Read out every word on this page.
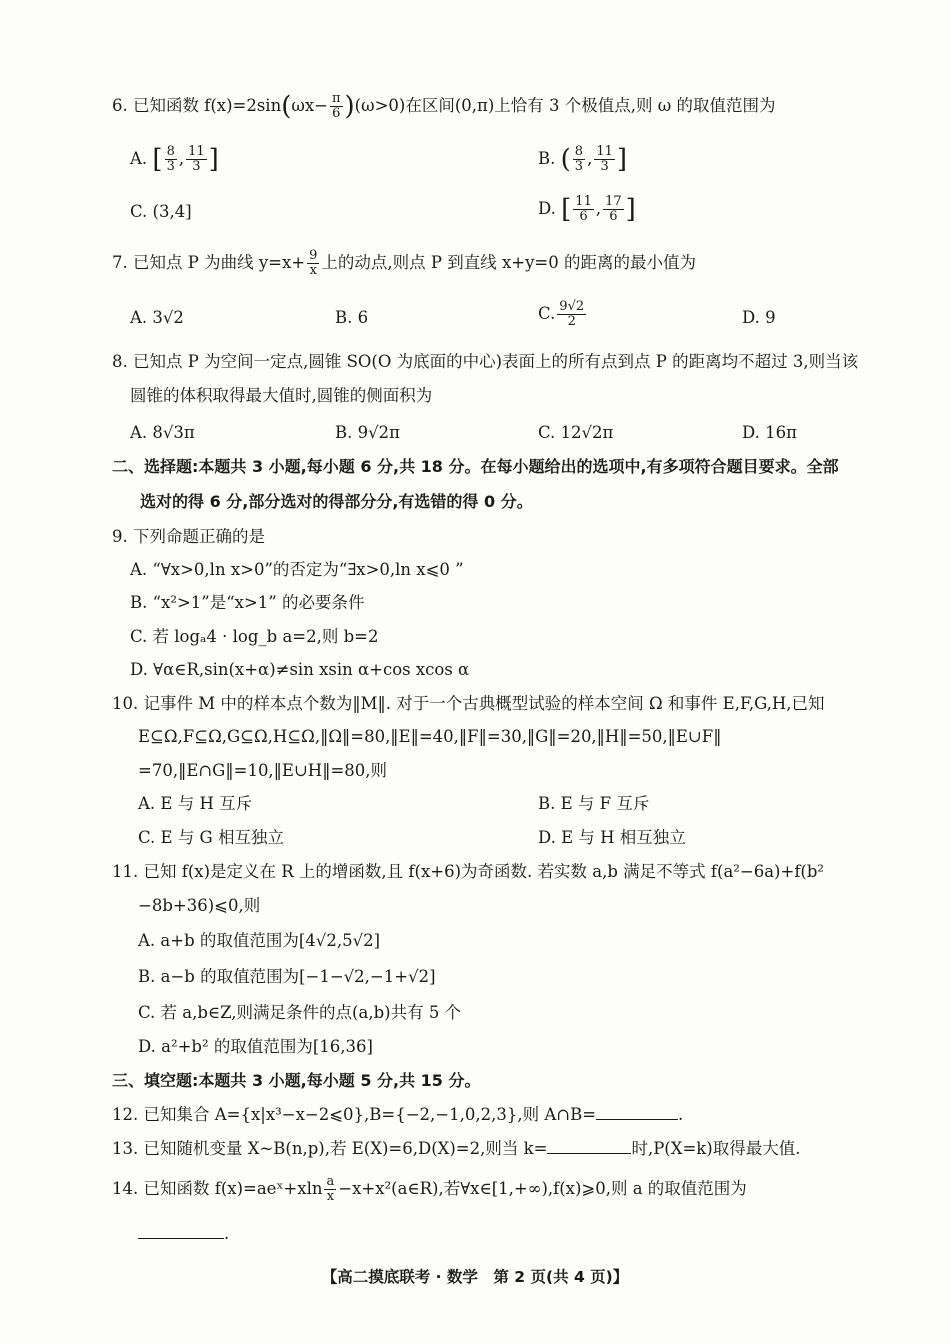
6. 已知函数 $f(x)=2\sin(\omega x- \frac{\pi}{6} )(\omega>0)$在区间(0,π)上恰有 3 个极值点,则 ω 的取值范围为
A. [ $\frac{8}{3}$ , $\frac{11}{3}$ ]	B. ( $\frac{8}{3}$ , $\frac{11}{3}$ ]
C. (3,4]	D. [ $\frac{11}{6}$ , $\frac{17}{6}$ ]
7. 已知点 P 为曲线 $y=x+ \frac{9}{x}$ 上的动点,则点 P 到直线 x+y=0 的距离的最小值为
A. 3√2	B. 6	C. $\frac{9√2}{2}$	D. 9
8. 已知点 P 为空间一定点,圆锥 SO(O 为底面的中心)表面上的所有点到点 P 的距离均不超过 3,则当该
圆锥的体积取得最大值时,圆锥的侧面积为
A. 8√3π	B. 9√2π	C. 12√2π	D. 16π
二、选择题:本题共 3 小题,每小题 6 分,共 18 分。在每小题给出的选项中,有多项符合题目要求。全部
选对的得 6 分,部分选对的得部分分,有选错的得 0 分。
9. 下列命题正确的是
A. “∀x>0,ln x>0”的否定为“∃x>0,ln x⩽0 ”
B. “x²>1”是“x>1” 的必要条件
C. 若 logₐ4 · log_b a=2,则 b=2
D. ∀α∈R,sin(x+α)≠sin xsin α+cos xcos α
10. 记事件 M 中的样本点个数为‖M‖. 对于一个古典概型试验的样本空间 Ω 和事件 E,F,G,H,已知
E⊆Ω,F⊆Ω,G⊆Ω,H⊆Ω,‖Ω‖=80,‖E‖=40,‖F‖=30,‖G‖=20,‖H‖=50,‖E∪F‖
=70,‖E∩G‖=10,‖E∪H‖=80,则
A. E 与 H 互斥	B. E 与 F 互斥
C. E 与 G 相互独立	D. E 与 H 相互独立
11. 已知 f(x)是定义在 R 上的增函数,且 f(x+6)为奇函数. 若实数 a,b 满足不等式 f(a²−6a)+f(b²
−8b+36)⩽0,则
A. a+b 的取值范围为[4√2,5√2]
B. a−b 的取值范围为[−1−√2,−1+√2]
C. 若 a,b∈Z,则满足条件的点(a,b)共有 5 个
D. a²+b² 的取值范围为[16,36]
三、填空题:本题共 3 小题,每小题 5 分,共 15 分。
12. 已知集合 A={x|x³−x−2⩽0},B={−2,−1,0,2,3},则 A∩B=	.
13. 已知随机变量 X~B(n,p),若 E(X)=6,D(X)=2,则当 k=	时,P(X=k)取得最大值.
14. 已知函数 f(x)=aeˣ+xln $\frac{a}{x}$ −x+x²(a∈R),若∀x∈[1,+∞),f(x)⩾0,则 a 的取值范围为
.
【高二摸底联考 · 数学　第 2 页(共 4 页)】
